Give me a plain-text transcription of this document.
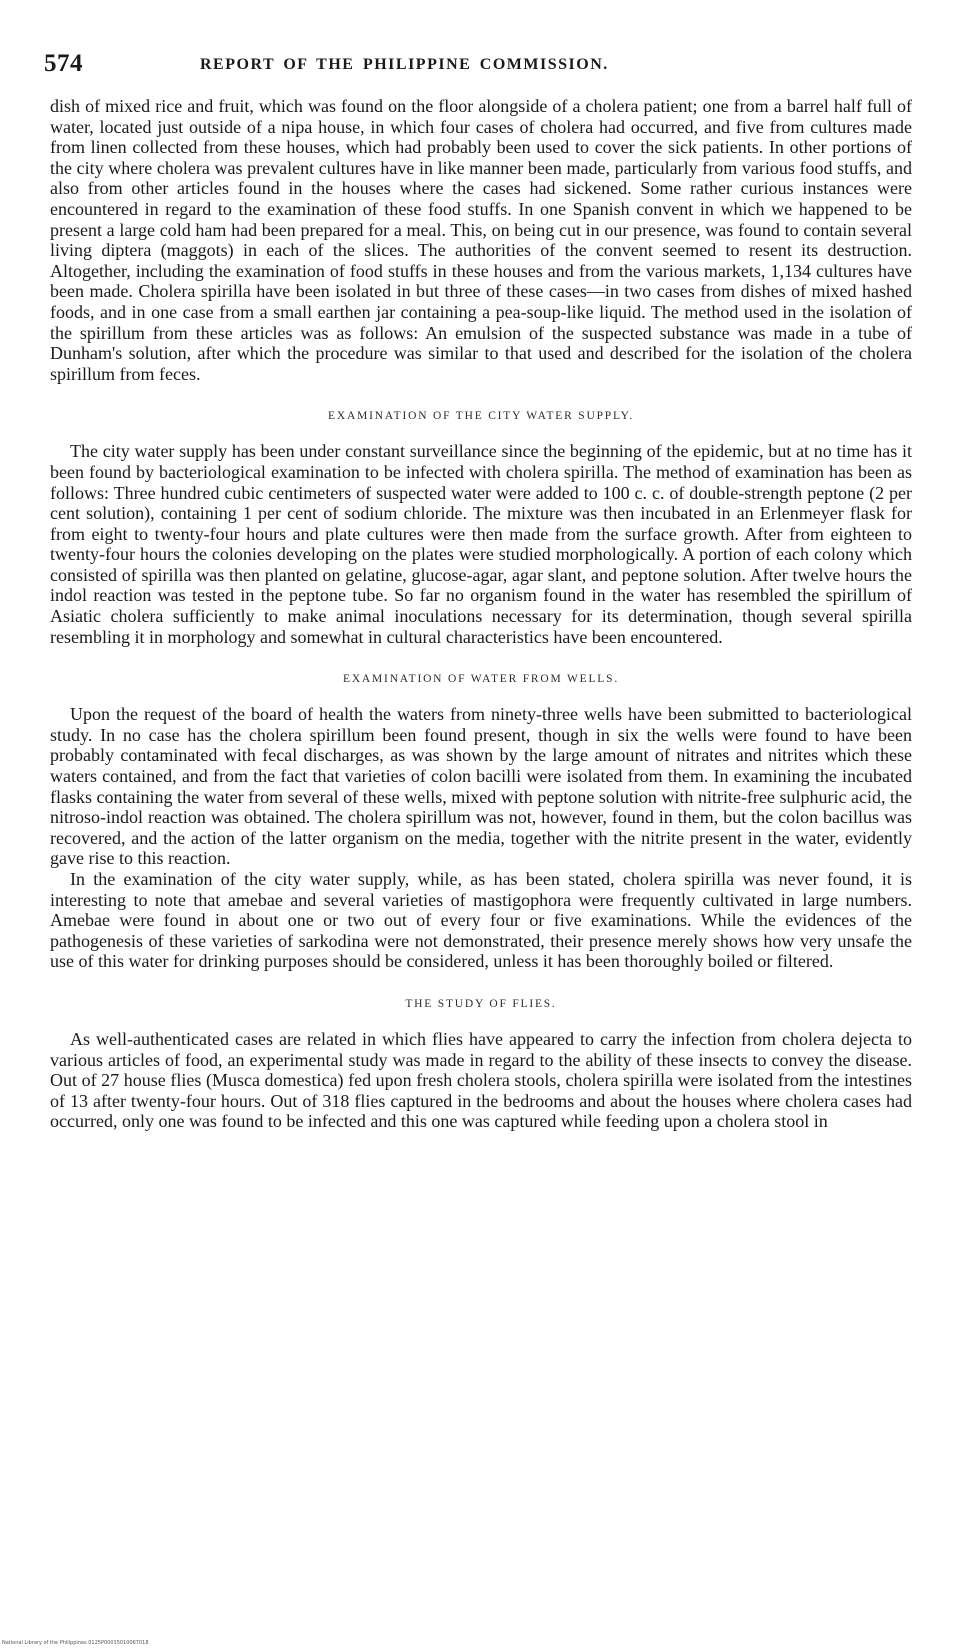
574	REPORT OF THE PHILIPPINE COMMISSION.

dish of mixed rice and fruit, which was found on the floor alongside of a cholera patient; one from a barrel half full of water, located just outside of a nipa house, in which four cases of cholera had occurred, and five from cultures made from linen collected from these houses, which had probably been used to cover the sick patients. In other portions of the city where cholera was prevalent cultures have in like manner been made, particularly from various food stuffs, and also from other articles found in the houses where the cases had sickened. Some rather curious instances were encountered in regard to the examination of these food stuffs. In one Spanish convent in which we happened to be present a large cold ham had been prepared for a meal. This, on being cut in our presence, was found to contain several living diptera (maggots) in each of the slices. The authorities of the convent seemed to resent its destruction. Altogether, including the examination of food stuffs in these houses and from the various markets, 1,134 cultures have been made. Cholera spirilla have been isolated in but three of these cases—in two cases from dishes of mixed hashed foods, and in one case from a small earthen jar containing a pea-soup-like liquid. The method used in the isolation of the spirillum from these articles was as follows: An emulsion of the suspected substance was made in a tube of Dunham's solution, after which the procedure was similar to that used and described for the isolation of the cholera spirillum from feces.

EXAMINATION OF THE CITY WATER SUPPLY.

The city water supply has been under constant surveillance since the beginning of the epidemic, but at no time has it been found by bacteriological examination to be infected with cholera spirilla. The method of examination has been as follows: Three hundred cubic centimeters of suspected water were added to 100 c. c. of double-strength peptone (2 per cent solution), containing 1 per cent of sodium chloride. The mixture was then incubated in an Erlenmeyer flask for from eight to twenty-four hours and plate cultures were then made from the surface growth. After from eighteen to twenty-four hours the colonies developing on the plates were studied morphologically. A portion of each colony which consisted of spirilla was then planted on gelatine, glucose-agar, agar slant, and peptone solution. After twelve hours the indol reaction was tested in the peptone tube. So far no organism found in the water has resembled the spirillum of Asiatic cholera sufficiently to make animal inoculations necessary for its determination, though several spirilla resembling it in morphology and somewhat in cultural characteristics have been encountered.

EXAMINATION OF WATER FROM WELLS.

Upon the request of the board of health the waters from ninety-three wells have been submitted to bacteriological study. In no case has the cholera spirillum been found present, though in six the wells were found to have been probably contaminated with fecal discharges, as was shown by the large amount of nitrates and nitrites which these waters contained, and from the fact that varieties of colon bacilli were isolated from them. In examining the incubated flasks containing the water from several of these wells, mixed with peptone solution with nitrite-free sulphuric acid, the nitroso-indol reaction was obtained. The cholera spirillum was not, however, found in them, but the colon bacillus was recovered, and the action of the latter organism on the media, together with the nitrite present in the water, evidently gave rise to this reaction.

In the examination of the city water supply, while, as has been stated, cholera spirilla was never found, it is interesting to note that amebae and several varieties of mastigophora were frequently cultivated in large numbers. Amebae were found in about one or two out of every four or five examinations. While the evidences of the pathogenesis of these varieties of sarkodina were not demonstrated, their presence merely shows how very unsafe the use of this water for drinking purposes should be considered, unless it has been thoroughly boiled or filtered.

THE STUDY OF FLIES.

As well-authenticated cases are related in which flies have appeared to carry the infection from cholera dejecta to various articles of food, an experimental study was made in regard to the ability of these insects to convey the disease. Out of 27 house flies (Musca domestica) fed upon fresh cholera stools, cholera spirilla were isolated from the intestines of 13 after twenty-four hours. Out of 318 flies captured in the bedrooms and about the houses where cholera cases had occurred, only one was found to be infected and this one was captured while feeding upon a cholera stool in

National Library of the Philippines 0125P00015010067018
